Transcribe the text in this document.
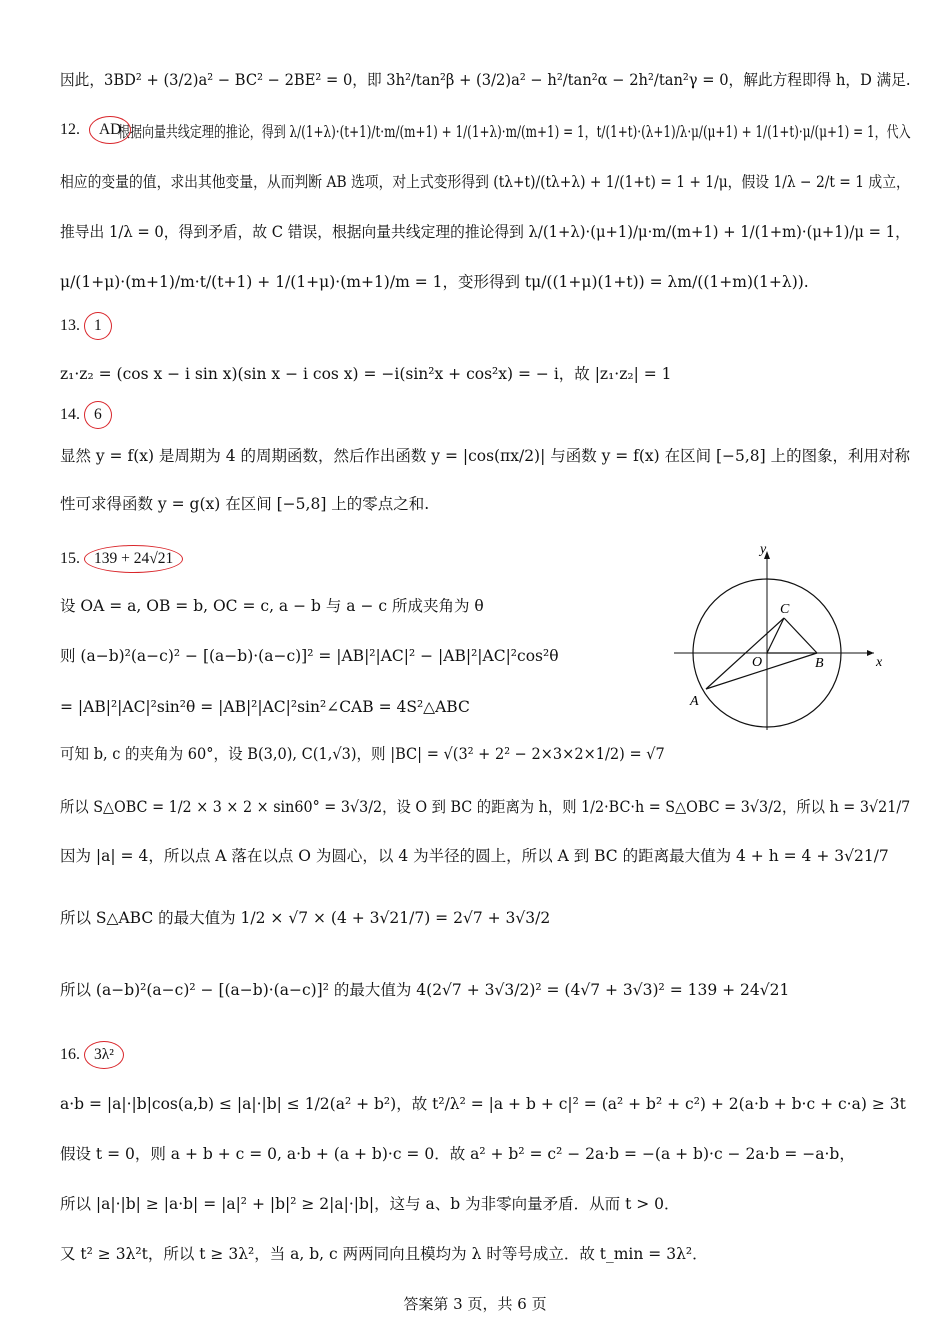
因此，3BD² + (3/2)a² − BC² − 2BE² = 0，即 3h²/tan²β + (3/2)a² − h²/tan²α − 2h²/tan²γ = 0，解此方程即得 h，D 满足.
根据向量共线定理的推论，得到 λ/(1+λ)·(t+1)/t·m/(m+1) + 1/(1+λ)·m/(m+1) = 1，t/(1+t)·(λ+1)/λ·μ/(μ+1) + 1/(1+t)·μ/(μ+1) = 1，代入
相应的变量的值，求出其他变量，从而判断 AB 选项，对上式变形得到 (tλ+t)/(tλ+λ) + 1/(1+t) = 1 + 1/μ，假设 1/λ − 2/t = 1 成立，
推导出 1/λ = 0，得到矛盾，故 C 错误，根据向量共线定理的推论得到 λ/(1+λ)·(μ+1)/μ·m/(m+1) + 1/(1+m)·(μ+1)/μ = 1，
μ/(1+μ)·(m+1)/m·t/(t+1) + 1/(1+μ)·(m+1)/m = 1，变形得到 tμ/((1+μ)(1+t)) = λm/((1+m)(1+λ)).
z₁·z₂ = (cos x − i sin x)(sin x − i cos x) = −i(sin²x + cos²x) = − i，故 |z₁·z₂| = 1
显然 y = f(x) 是周期为 4 的周期函数，然后作出函数 y = |cos(πx/2)| 与函数 y = f(x) 在区间 [−5,8] 上的图象，利用对称
性可求得函数 y = g(x) 在区间 [−5,8] 上的零点之和.
设 OA = a, OB = b, OC = c, a − b 与 a − c 所成夹角为 θ
则 (a−b)²(a−c)² − [(a−b)·(a−c)]² = |AB|²|AC|² − |AB|²|AC|²cos²θ
= |AB|²|AC|²sin²θ = |AB|²|AC|²sin²∠CAB = 4S²△ABC
可知 b, c 的夹角为 60°，设 B(3,0), C(1,√3)，则 |BC| = √(3² + 2² − 2×3×2×1/2) = √7
所以 S△OBC = 1/2 × 3 × 2 × sin60° = 3√3/2，设 O 到 BC 的距离为 h，则 1/2·BC·h = S△OBC = 3√3/2，所以 h = 3√21/7
因为 |a| = 4，所以点 A 落在以点 O 为圆心，以 4 为半径的圆上，所以 A 到 BC 的距离最大值为 4 + h = 4 + 3√21/7
所以 S△ABC 的最大值为 1/2 × √7 × (4 + 3√21/7) = 2√7 + 3√3/2
所以 (a−b)²(a−c)² − [(a−b)·(a−c)]² 的最大值为 4(2√7 + 3√3/2)² = (4√7 + 3√3)² = 139 + 24√21
a·b = |a|·|b|cos(a,b) ≤ |a|·|b| ≤ 1/2(a² + b²)，故 t²/λ² = |a + b + c|² = (a² + b² + c²) + 2(a·b + b·c + c·a) ≥ 3t
假设 t = 0，则 a + b + c = 0, a·b + (a + b)·c = 0．故 a² + b² = c² − 2a·b = −(a + b)·c − 2a·b = −a·b，
所以 |a|·|b| ≥ |a·b| = |a|² + |b|² ≥ 2|a|·|b|，这与 a、b 为非零向量矛盾．从而 t > 0．
又 t² ≥ 3λ²t，所以 t ≥ 3λ²，当 a, b, c 两两同向且模均为 λ 时等号成立．故 t_min = 3λ²．
12. AD
13. 1
14. 6
15. 139 + 24√21
16. 3λ²
y
x
O	B
C
A
答案第 3 页，共 6 页
